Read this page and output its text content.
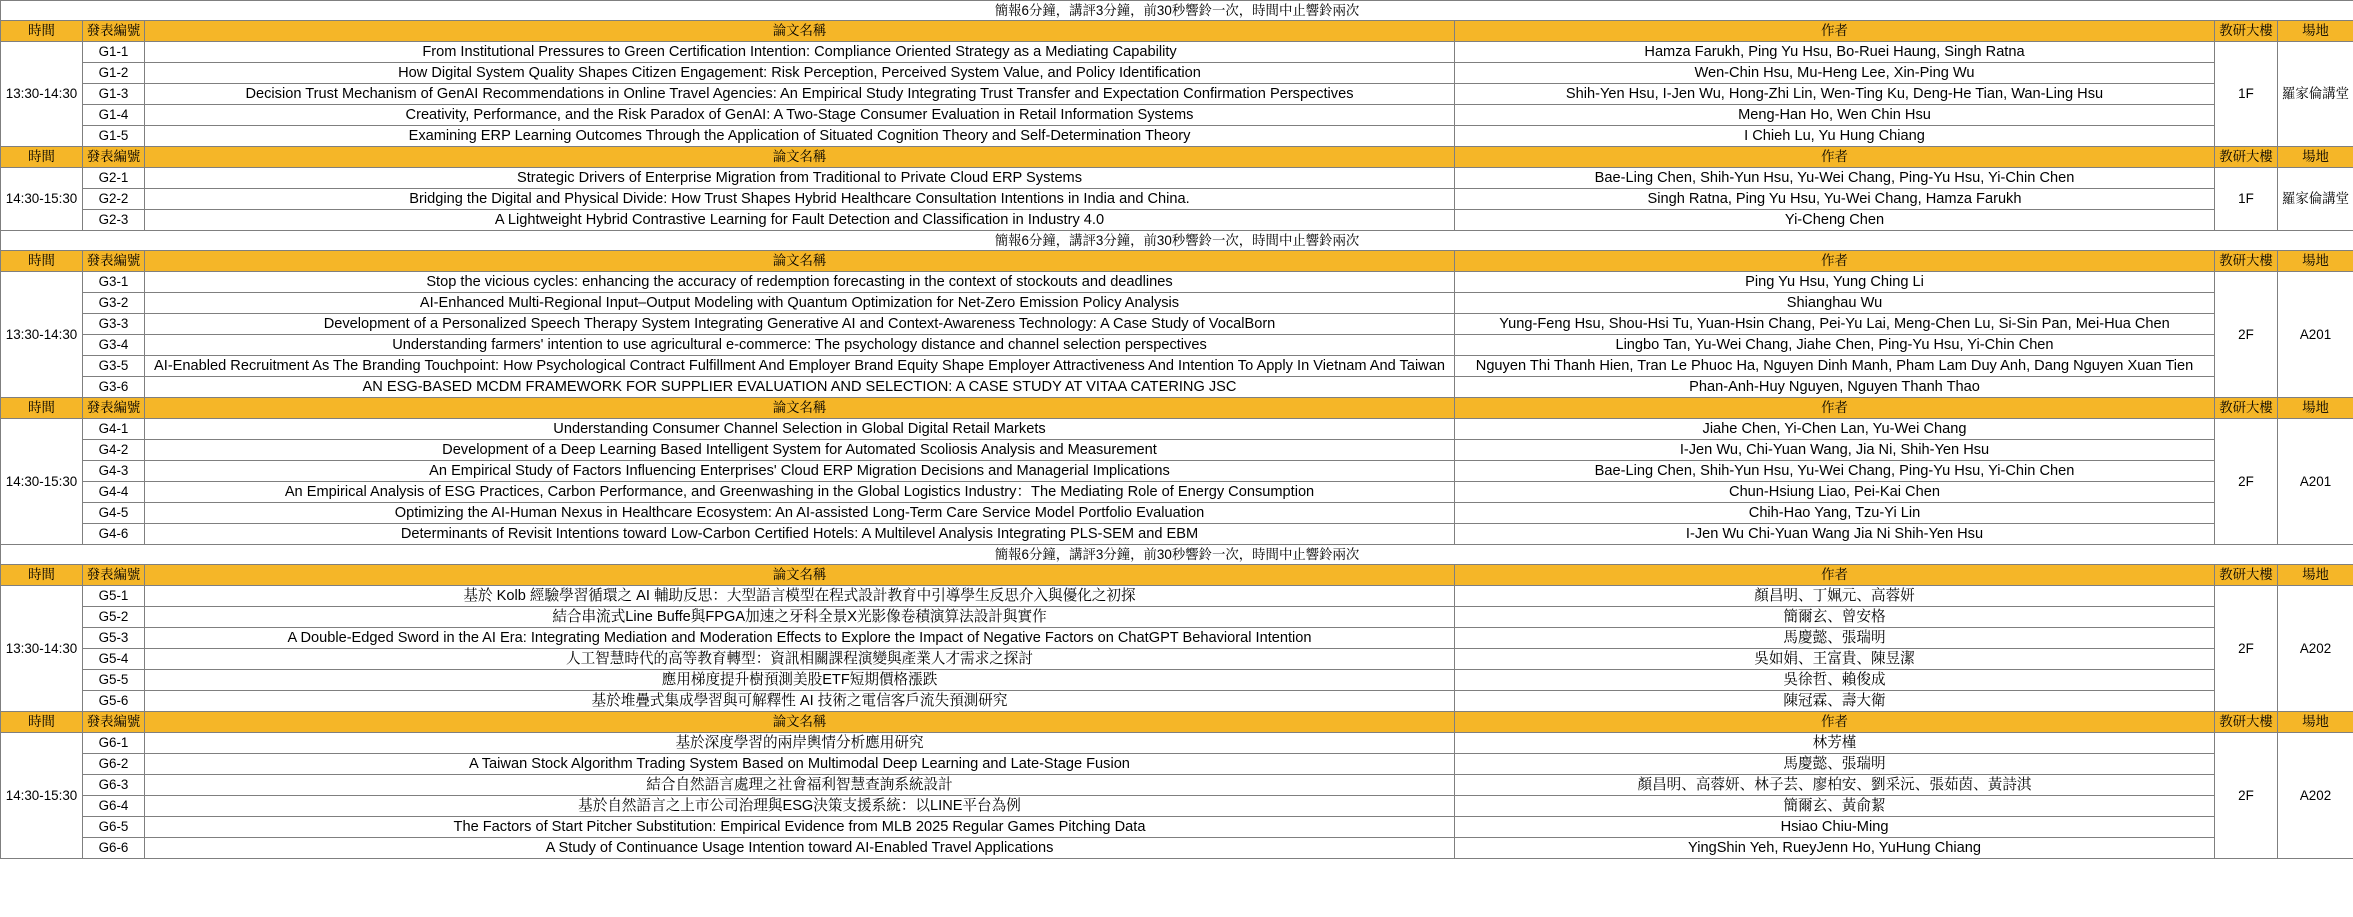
簡報6分鐘，講評3分鐘，前30秒響鈴一次，時間中止響鈴兩次					
時間	發表編號	論文名稱	作者	教研大樓	場地
13:30-14:30	G1-1	From Institutional Pressures to Green Certification Intention: Compliance Oriented Strategy as a Mediating Capability	Hamza Farukh, Ping Yu Hsu, Bo-Ruei Haung, Singh Ratna	1F	羅家倫講堂
	G1-2	How Digital System Quality Shapes Citizen Engagement: Risk Perception, Perceived System Value, and Policy Identification	Wen-Chin Hsu, Mu-Heng Lee, Xin-Ping Wu		
	G1-3	Decision Trust Mechanism of GenAI Recommendations in Online Travel Agencies: An Empirical Study Integrating Trust Transfer and Expectation Confirmation Perspectives	Shih-Yen Hsu, I-Jen Wu, Hong-Zhi Lin, Wen-Ting Ku, Deng-He Tian, Wan-Ling Hsu		
	G1-4	Creativity, Performance, and the Risk Paradox of GenAI: A Two-Stage Consumer Evaluation in Retail Information Systems	Meng-Han Ho, Wen Chin Hsu		
	G1-5	Examining ERP Learning Outcomes Through the Application of Situated Cognition Theory and Self-Determination Theory	I Chieh Lu, Yu Hung Chiang		
時間	發表編號	論文名稱	作者	教研大樓	場地
14:30-15:30	G2-1	Strategic Drivers of Enterprise Migration from Traditional to Private Cloud ERP Systems	Bae-Ling Chen, Shih-Yun Hsu, Yu-Wei Chang, Ping-Yu Hsu, Yi-Chin Chen	1F	羅家倫講堂
	G2-2	Bridging the Digital and Physical Divide: How Trust Shapes Hybrid Healthcare Consultation Intentions in India and China.	Singh Ratna, Ping Yu Hsu, Yu-Wei Chang, Hamza Farukh		
	G2-3	A Lightweight Hybrid Contrastive Learning for Fault Detection and Classification in Industry 4.0	Yi-Cheng Chen		
簡報6分鐘，講評3分鐘，前30秒響鈴一次，時間中止響鈴兩次					
時間	發表編號	論文名稱	作者	教研大樓	場地
13:30-14:30	G3-1	Stop the vicious cycles: enhancing the accuracy of redemption forecasting in the context of stockouts and deadlines	Ping Yu Hsu, Yung Ching Li	2F	A201
	G3-2	AI-Enhanced Multi-Regional Input–Output Modeling with Quantum Optimization for Net-Zero Emission Policy Analysis	Shianghau Wu		
	G3-3	Development of a Personalized Speech Therapy System Integrating Generative AI and Context-Awareness Technology: A Case Study of VocalBorn	Yung-Feng Hsu, Shou-Hsi Tu, Yuan-Hsin Chang, Pei-Yu Lai, Meng-Chen Lu, Si-Sin Pan, Mei-Hua Chen		
	G3-4	Understanding farmers' intention to use agricultural e-commerce: The psychology distance and channel selection perspectives	Lingbo Tan, Yu-Wei Chang, Jiahe Chen, Ping-Yu Hsu, Yi-Chin Chen		
	G3-5	AI-Enabled Recruitment As The Branding Touchpoint: How Psychological Contract Fulfillment And Employer Brand Equity Shape Employer Attractiveness And Intention To Apply In Vietnam And Taiwan	Nguyen Thi Thanh Hien, Tran Le Phuoc Ha, Nguyen Dinh Manh, Pham Lam Duy Anh, Dang Nguyen Xuan Tien		
	G3-6	AN ESG-BASED MCDM FRAMEWORK FOR SUPPLIER EVALUATION AND SELECTION: A CASE STUDY AT VITAA CATERING JSC	Phan-Anh-Huy Nguyen, Nguyen Thanh Thao		
時間	發表編號	論文名稱	作者	教研大樓	場地
14:30-15:30	G4-1	Understanding Consumer Channel Selection in Global Digital Retail Markets	Jiahe Chen, Yi-Chen Lan, Yu-Wei Chang	2F	A201
	G4-2	Development of a Deep Learning Based Intelligent System for Automated Scoliosis Analysis and Measurement	I-Jen Wu, Chi-Yuan Wang, Jia Ni, Shih-Yen Hsu		
	G4-3	An Empirical Study of Factors Influencing Enterprises' Cloud ERP Migration Decisions and Managerial Implications	Bae-Ling Chen, Shih-Yun Hsu, Yu-Wei Chang, Ping-Yu Hsu, Yi-Chin Chen		
	G4-4	An Empirical Analysis of ESG Practices, Carbon Performance, and Greenwashing in the Global Logistics Industry：The Mediating Role of Energy Consumption	Chun-Hsiung Liao, Pei-Kai Chen		
	G4-5	Optimizing the AI-Human Nexus in Healthcare Ecosystem: An AI-assisted Long-Term Care Service Model Portfolio Evaluation	Chih-Hao Yang, Tzu-Yi Lin		
	G4-6	Determinants of Revisit Intentions toward Low-Carbon Certified Hotels: A Multilevel Analysis Integrating PLS-SEM and EBM	I-Jen Wu Chi-Yuan Wang Jia Ni Shih-Yen Hsu		
簡報6分鐘，講評3分鐘，前30秒響鈴一次，時間中止響鈴兩次					
時間	發表編號	論文名稱	作者	教研大樓	場地
13:30-14:30	G5-1	基於 Kolb 經驗學習循環之 AI 輔助反思：大型語言模型在程式設計教育中引導學生反思介入與優化之初探	顏昌明、丁姵元、高蓉妍	2F	A202
	G5-2	結合串流式Line Buffe與FPGA加速之牙科全景X光影像卷積演算法設計與實作	簡爾玄、曾安格		
	G5-3	A Double-Edged Sword in the AI Era: Integrating Mediation and Moderation Effects to Explore the Impact of Negative Factors on ChatGPT Behavioral Intention	馬慶懿、張瑞明		
	G5-4	人工智慧時代的高等教育轉型：資訊相關課程演變與產業人才需求之探討	吳如娟、王富貴、陳昱潔		
	G5-5	應用梯度提升樹預測美股ETF短期價格漲跌	吳徐哲、賴俊成		
	G5-6	基於堆疊式集成學習與可解釋性 AI 技術之電信客戶流失預測研究	陳冠霖、壽大衛		
時間	發表編號	論文名稱	作者	教研大樓	場地
14:30-15:30	G6-1	基於深度學習的兩岸輿情分析應用研究	林芳槿	2F	A202
	G6-2	A Taiwan Stock Algorithm Trading System Based on Multimodal Deep Learning and Late-Stage Fusion	馬慶懿、張瑞明		
	G6-3	結合自然語言處理之社會福利智慧查詢系統設計	顏昌明、高蓉妍、林子芸、廖柏安、劉采沅、張茹茵、黃詩淇		
	G6-4	基於自然語言之上市公司治理與ESG決策支援系統：以LINE平台為例	簡爾玄、黃俞絜		
	G6-5	The Factors of Start Pitcher Substitution: Empirical Evidence from MLB 2025 Regular Games Pitching Data	Hsiao Chiu-Ming		
	G6-6	A Study of Continuance Usage Intention toward AI-Enabled Travel Applications	YingShin Yeh, RueyJenn Ho, YuHung Chiang		
